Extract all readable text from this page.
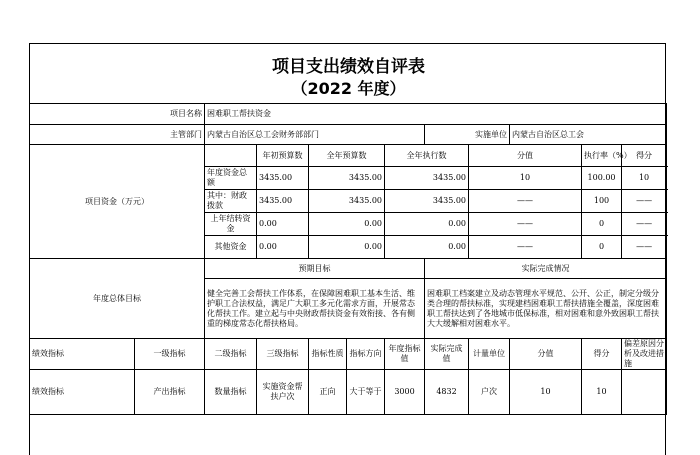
项目支出绩效自评表
（2022 年度）
项目名称		困难职工帮扶资金									
主管部门		内蒙古自治区总工会财务部部门					实施单位		内蒙古自治区总工会		
项目资金（万元）			年初预算数	全年预算数		全年执行数		分值		执行率（%）	得分
		年度资金总额	3435.00	3435.00		3435.00		10		100.00	10
		其中：财政拨款	3435.00	3435.00		3435.00		——		100	——
		上年结转资金	0.00	0.00		0.00		——		0	——
		其他资金	0.00	0.00		0.00		——		0	——
年度总体目标		预期目标					实际完成情况				
		健全完善工会帮扶工作体系，在保障困难职工基本生活、维护职工合法权益，满足广大职工多元化需求方面，开展常态化帮扶工作。建立起与中央财政帮扶资金有效衔接、各有侧重的梯度常态化帮扶格局。					困难职工档案建立及动态管理水平规范、公开、公正，制定分级分类合理的帮扶标准，实现建档困难职工帮扶措施全覆盖，深度困难职工帮扶达到了各地城市低保标准，相对困难和意外致困职工帮扶大大缓解相对困难水平。				
绩效指标	一级指标	二级指标	三级指标	指标性质	指标方向	年度指标值	实际完成值	计量单位	分值	得分	偏差原因分析及改进措施
绩效指标	产出指标	数量指标	实施资金帮扶户次	正向	大于等于	3000	4832	户次	10	10	
